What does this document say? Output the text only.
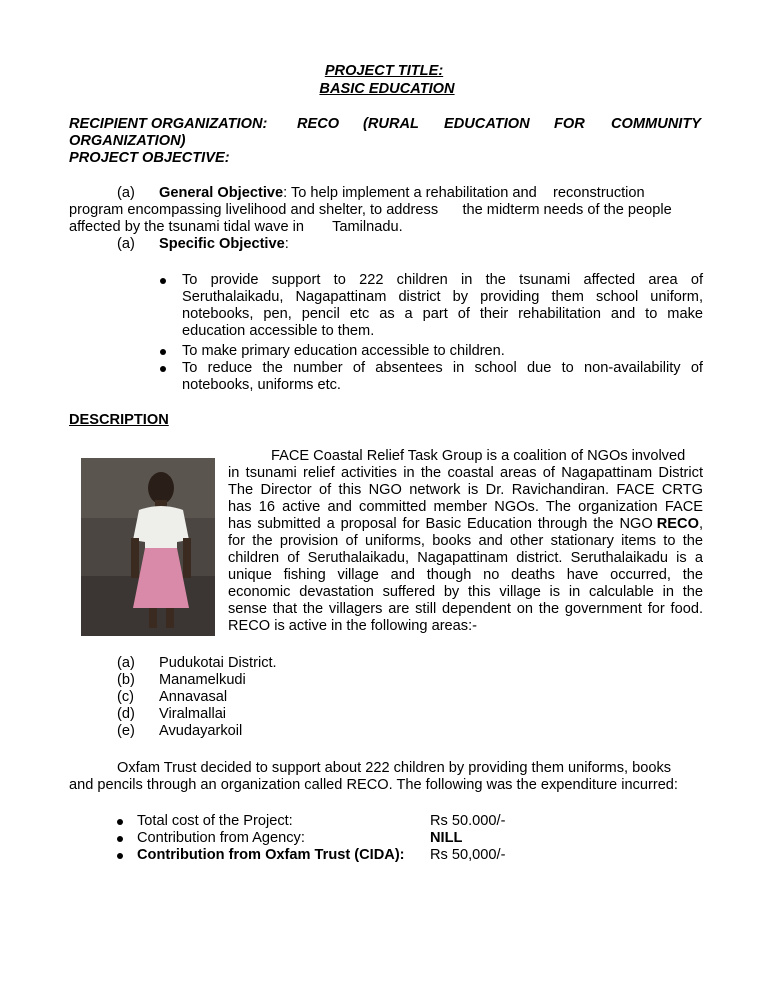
PROJECT TITLE:
BASIC EDUCATION
RECIPIENT ORGANIZATION: RECO (RURAL EDUCATION FOR COMMUNITY
ORGANIZATION)
PROJECT OBJECTIVE:
(a) General Objective: To help implement a rehabilitation and    reconstruction
program encompassing livelihood and shelter, to address      the midterm needs of the people
affected by the tsunami tidal wave in       Tamilnadu.
(a) Specific Objective:
To provide support to 222 children in the tsunami affected area of
Seruthalaikadu, Nagapattinam district by providing them school uniform,
notebooks, pen, pencil etc as a part of their rehabilitation and to make
education accessible to them.
To make primary education accessible to children.
To reduce the number of absentees in school due to non-availability of
notebooks, uniforms etc.
DESCRIPTION
FACE Coastal Relief Task Group is a coalition of NGOs involved
in tsunami relief activities in the coastal areas of Nagapattinam District
The Director of this NGO network is Dr. Ravichandiran. FACE CRTG
has 16 active and committed member NGOs. The organization FACE
has submitted a proposal for Basic Education through the NGO RECO ,
for the provision of uniforms, books and other stationary items to the
children of Seruthalaikadu, Nagapattinam district. Seruthalaikadu is a
unique fishing village and though no deaths have occurred, the
economic devastation suffered by this village is in calculable in the
sense that the villagers are still dependent on the government for food.
RECO is active in the following areas:-
(a) Pudukotai District.
(b) Manamelkudi
(c) Annavasal
(d) Viralmallai
(e) Avudayarkoil
Oxfam Trust decided to support about 222 children by providing them uniforms, books
and pencils through an organization called RECO. The following was the expenditure incurred:
Total cost of the Project:	Rs 50.000/-
Contribution from Agency:	NILL
Contribution from Oxfam Trust (CIDA): Rs 50,000/-
